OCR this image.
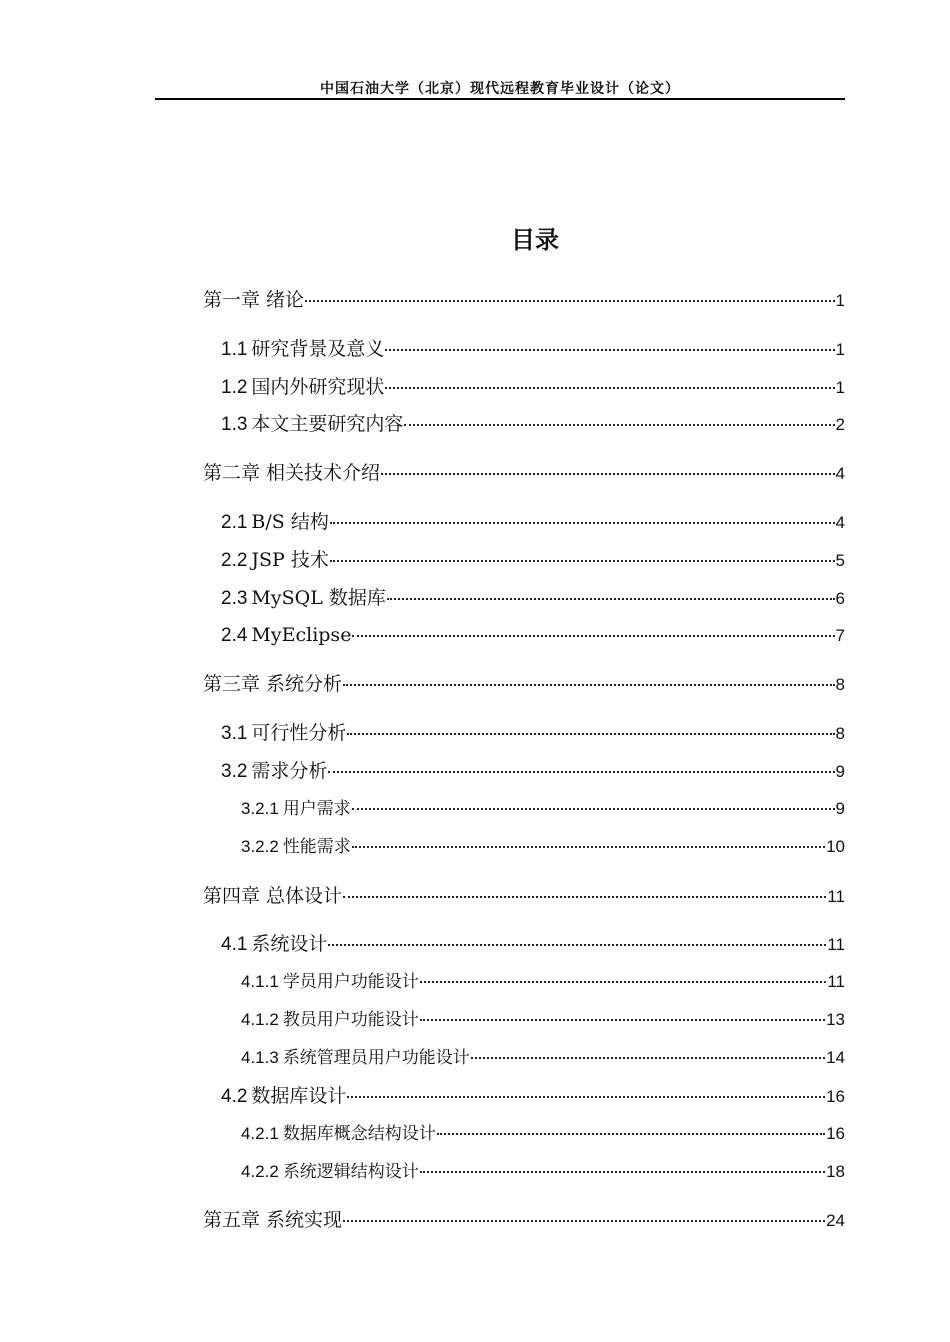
中国石油大学（北京）现代远程教育毕业设计（论文）
目录
第一章 绪论	1
1.1 研究背景及意义	1
1.2 国内外研究现状	1
1.3 本文主要研究内容	2
第二章 相关技术介绍	4
2.1 B/S 结构	4
2.2 JSP 技术	5
2.3 MySQL 数据库	6
2.4 MyEclipse	7
第三章 系统分析	8
3.1 可行性分析	8
3.2 需求分析	9
3.2.1 用户需求	9
3.2.2 性能需求	10
第四章 总体设计	11
4.1 系统设计	11
4.1.1 学员用户功能设计	11
4.1.2 教员用户功能设计	13
4.1.3 系统管理员用户功能设计	14
4.2 数据库设计	16
4.2.1 数据库概念结构设计	16
4.2.2 系统逻辑结构设计	18
第五章 系统实现	24
